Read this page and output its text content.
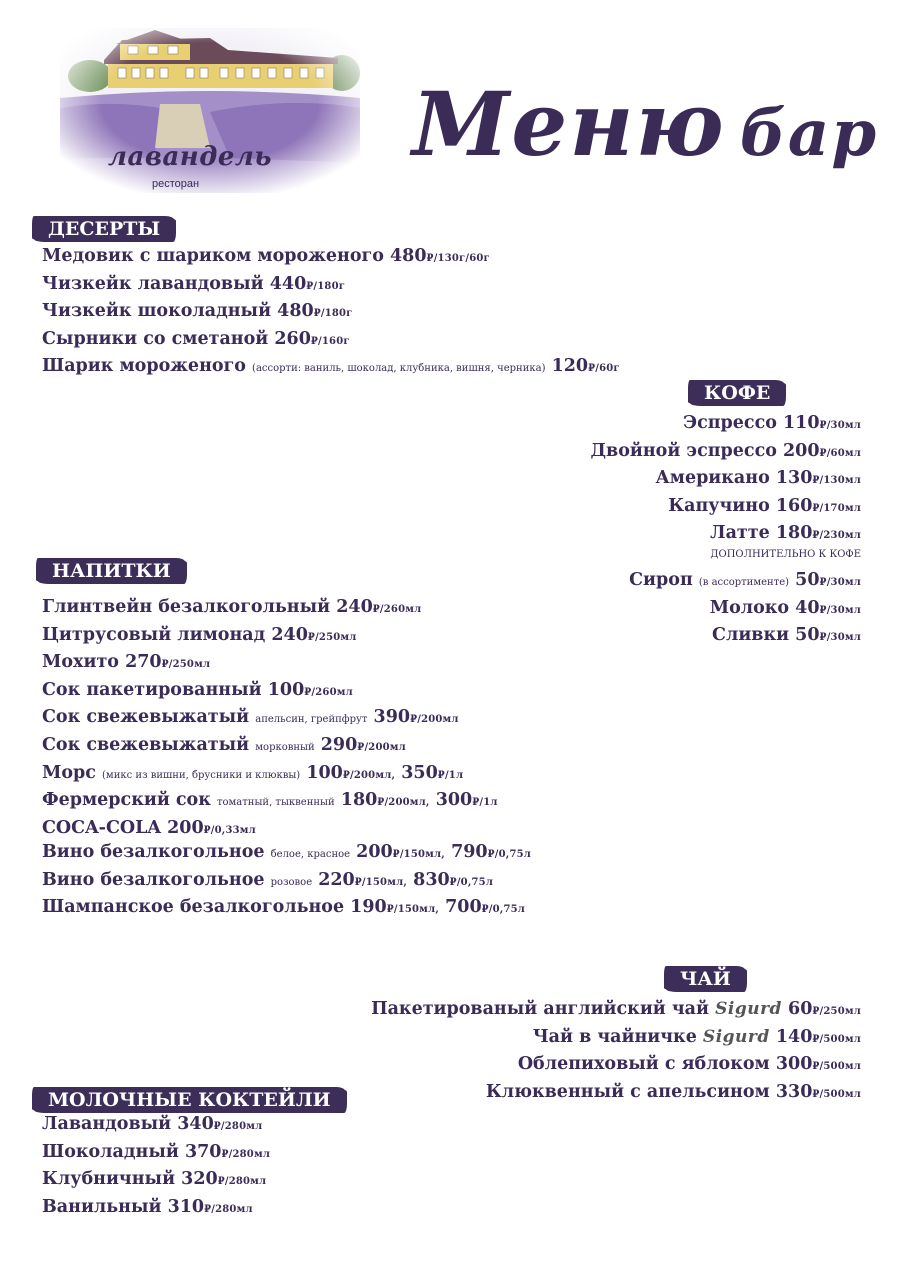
лавандель
ресторан
Меню бар
ДЕСЕРТЫ
Медовик с шариком мороженого 480₽/130г/60г
Чизкейк лавандовый 440₽/180г
Чизкейк шоколадный 480₽/180г
Сырники со сметаной 260₽/160г
Шарик мороженого (ассорти: ваниль, шоколад, клубника, вишня, черника) 120₽/60г
КОФЕ
Эспрессо 110₽/30мл
Двойной эспрессо 200₽/60мл
Американо 130₽/130мл
Капучино 160₽/170мл
Латте 180₽/230мл
ДОПОЛНИТЕЛЬНО К КОФЕ
Сироп (в ассортименте) 50₽/30мл
Молоко 40₽/30мл
Сливки 50₽/30мл
НАПИТКИ
Глинтвейн безалкогольный 240₽/260мл
Цитрусовый лимонад 240₽/250мл
Мохито 270₽/250мл
Сок пакетированный 100₽/260мл
Сок свежевыжатый апельсин, грейпфрут 390₽/200мл
Сок свежевыжатый морковный 290₽/200мл
Морс (микс из вишни, брусники и клюквы) 100₽/200мл, 350₽/1л
Фермерский сок томатный, тыквенный 180₽/200мл, 300₽/1л
COCA-COLA 200₽/0,33мл
Вино безалкогольное белое, красное 200₽/150мл, 790₽/0,75л
Вино безалкогольное розовое 220₽/150мл, 830₽/0,75л
Шампанское безалкогольное 190₽/150мл, 700₽/0,75л
ЧАЙ
Пакетированый английский чай Sigurd 60₽/250мл
Чай в чайничке Sigurd 140₽/500мл
Облепиховый с яблоком 300₽/500мл
Клюквенный с апельсином 330₽/500мл
МОЛОЧНЫЕ КОКТЕЙЛИ
Лавандовый 340₽/280мл
Шоколадный 370₽/280мл
Клубничный 320₽/280мл
Ванильный 310₽/280мл
